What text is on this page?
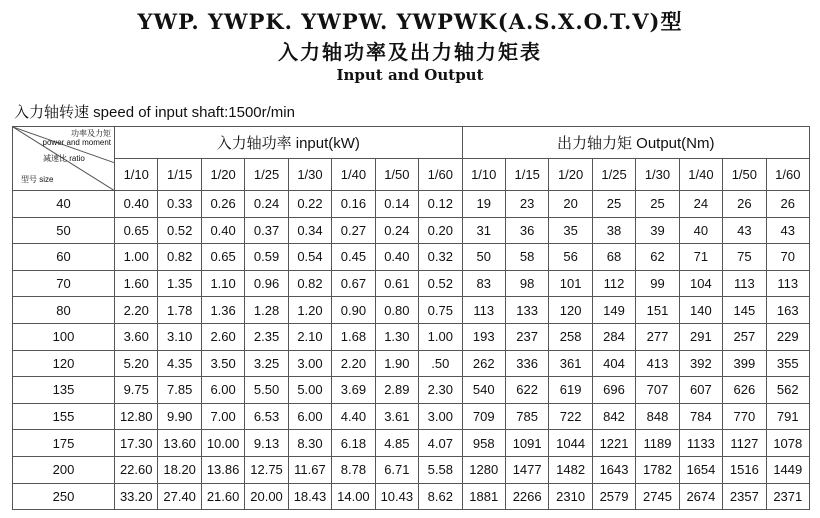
YWP. YWPK. YWPW. YWPWK(A.S.X.O.T.V)型
入力轴功率及出力轴力矩表
Input and Output
入力轴转速 speed of input shaft:1500r/min
功率及力矩
power and moment
减速比 ratio
型号 size	入力轴功率 input(kW)								出力轴力矩 Output(Nm)							
	1/10	1/15	1/20	1/25	1/30	1/40	1/50	1/60	1/10	1/15	1/20	1/25	1/30	1/40	1/50	1/60
40	0.40	0.33	0.26	0.24	0.22	0.16	0.14	0.12	19	23	20	25	25	24	26	26
50	0.65	0.52	0.40	0.37	0.34	0.27	0.24	0.20	31	36	35	38	39	40	43	43
60	1.00	0.82	0.65	0.59	0.54	0.45	0.40	0.32	50	58	56	68	62	71	75	70
70	1.60	1.35	1.10	0.96	0.82	0.67	0.61	0.52	83	98	101	112	99	104	113	113
80	2.20	1.78	1.36	1.28	1.20	0.90	0.80	0.75	113	133	120	149	151	140	145	163
100	3.60	3.10	2.60	2.35	2.10	1.68	1.30	1.00	193	237	258	284	277	291	257	229
120	5.20	4.35	3.50	3.25	3.00	2.20	1.90	.50	262	336	361	404	413	392	399	355
135	9.75	7.85	6.00	5.50	5.00	3.69	2.89	2.30	540	622	619	696	707	607	626	562
155	12.80	9.90	7.00	6.53	6.00	4.40	3.61	3.00	709	785	722	842	848	784	770	791
175	17.30	13.60	10.00	9.13	8.30	6.18	4.85	4.07	958	1091	1044	1221	1189	1133	1127	1078
200	22.60	18.20	13.86	12.75	11.67	8.78	6.71	5.58	1280	1477	1482	1643	1782	1654	1516	1449
250	33.20	27.40	21.60	20.00	18.43	14.00	10.43	8.62	1881	2266	2310	2579	2745	2674	2357	2371
